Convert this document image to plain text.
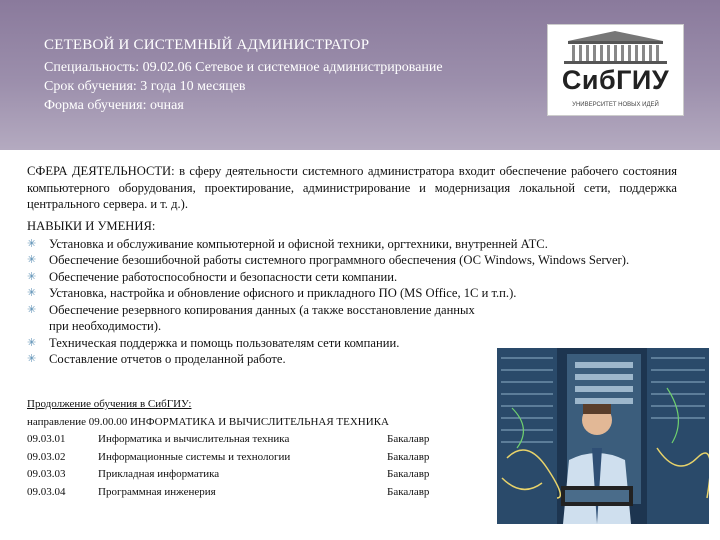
СЕТЕВОЙ И СИСТЕМНЫЙ АДМИНИСТРАТОР
Специальность: 09.02.06 Сетевое и системное администрирование
Срок обучения: 3 года 10 месяцев
Форма обучения: очная
СибГИУ
УНИВЕРСИТЕТ НОВЫХ ИДЕЙ
СФЕРА ДЕЯТЕЛЬНОСТИ: в сферу деятельности системного администратора входит обеспечение рабочего состояния компьютерного оборудования, проектирование, администрирование и модернизация локальной сети, поддержка центрального сервера. и т. д.).
НАВЫКИ И УМЕНИЯ:
✳ Установка и обслуживание компьютерной и офисной техники, оргтехники, внутренней АТС.
✳ Обеспечение безошибочной работы системного программного обеспечения (ОС Windows, Windows Server).
✳ Обеспечение работоспособности и безопасности сети компании.
✳ Установка, настройка и обновление офисного и прикладного ПО (MS Office, 1С и т.п.).
✳ Обеспечение резервного копирования данных (а также восстановление данных при необходимости).
✳ Техническая поддержка и помощь пользователям сети компании.
✳ Составление отчетов о проделанной работе.
Продолжение обучения в СибГИУ:
направление 09.00.00 ИНФОРМАТИКА И ВЫЧИСЛИТЕЛЬНАЯ ТЕХНИКА
09.03.01	Информатика и вычислительная техника	Бакалавр
09.03.02	Информационные системы и технологии	Бакалавр
09.03.03	Прикладная информатика	Бакалавр
09.03.04	Программная инженерия	Бакалавр
